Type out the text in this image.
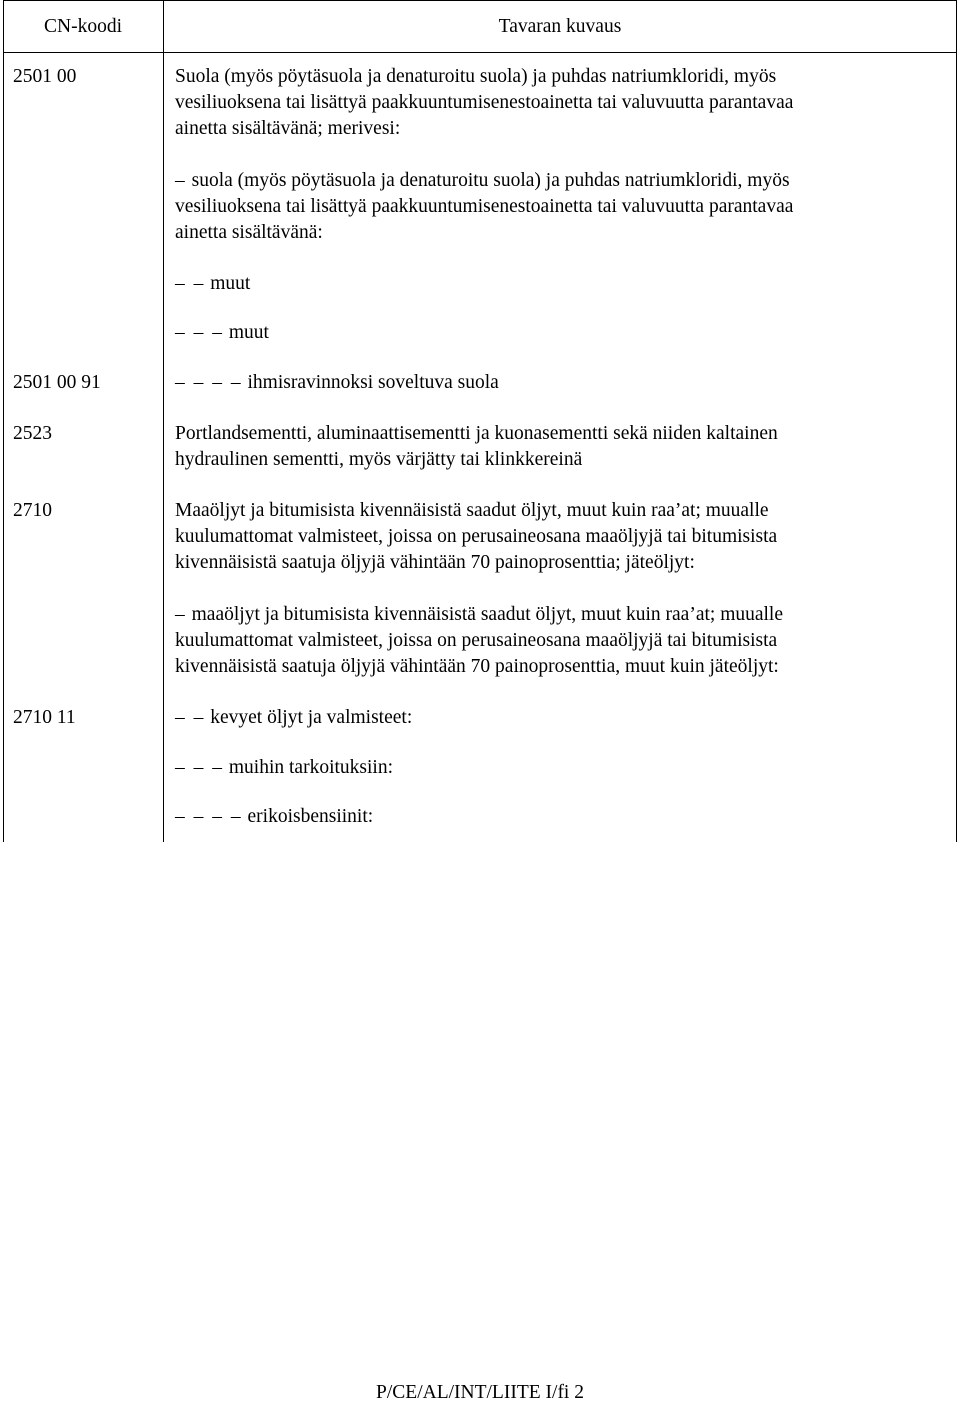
CN-koodi	Tavaran kuvaus
2501 00	Suola (myös pöytäsuola ja denaturoitu suola) ja puhdas natriumkloridi, myös
vesiliuoksena tai lisättyä paakkuuntumisenestoainetta tai valuvuutta parantavaa
ainetta sisältävänä; merivesi:
– suola (myös pöytäsuola ja denaturoitu suola) ja puhdas natriumkloridi, myös
vesiliuoksena tai lisättyä paakkuuntumisenestoainetta tai valuvuutta parantavaa
ainetta sisältävänä:
– – muut
– – – muut
2501 00 91	– – – – ihmisravinnoksi soveltuva suola
2523	Portlandsementti, aluminaattisementti ja kuonasementti sekä niiden kaltainen
hydraulinen sementti, myös värjätty tai klinkkereinä
2710	Maaöljyt ja bitumisista kivennäisistä saadut öljyt, muut kuin raa’at; muualle
kuulumattomat valmisteet, joissa on perusaineosana maaöljyjä tai bitumisista
kivennäisistä saatuja öljyjä vähintään 70 painoprosenttia; jäteöljyt:
– maaöljyt ja bitumisista kivennäisistä saadut öljyt, muut kuin raa’at; muualle
kuulumattomat valmisteet, joissa on perusaineosana maaöljyjä tai bitumisista
kivennäisistä saatuja öljyjä vähintään 70 painoprosenttia, muut kuin jäteöljyt:
2710 11	– – kevyet öljyt ja valmisteet:
– – – muihin tarkoituksiin:
– – – – erikoisbensiinit:
P/CE/AL/INT/LIITE I/fi 2
